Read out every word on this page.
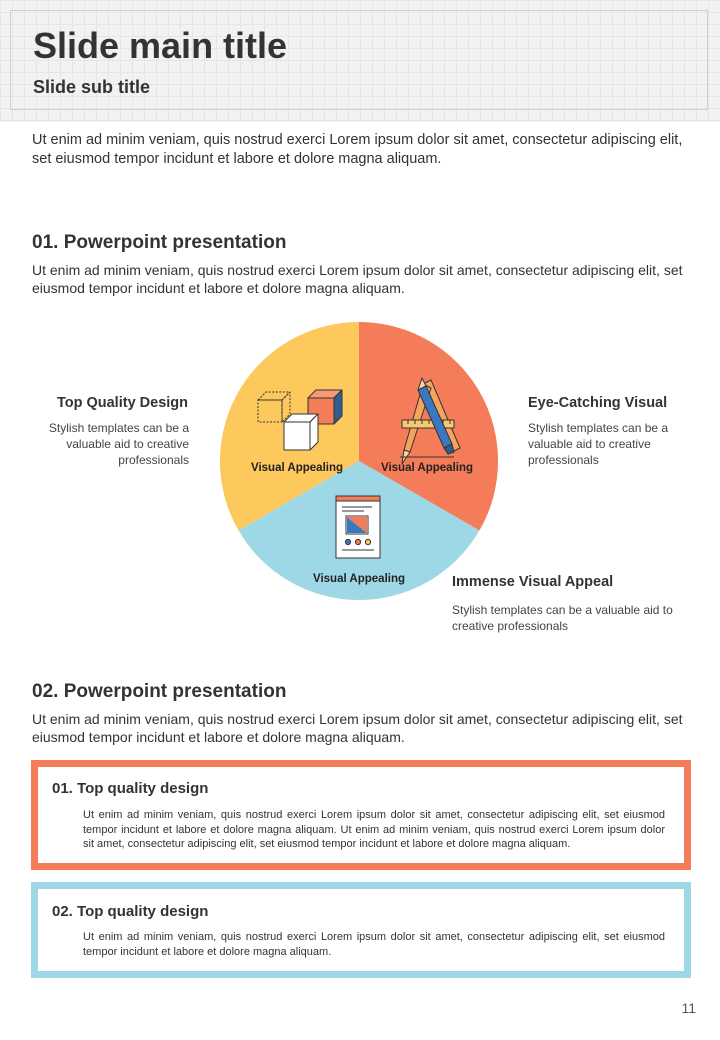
Slide main title
Slide sub title
Ut enim ad minim veniam, quis nostrud exerci Lorem ipsum dolor sit amet, consectetur adipiscing elit, set eiusmod tempor incidunt et labore et dolore magna aliquam.
01. Powerpoint presentation
Ut enim ad minim veniam, quis nostrud exerci Lorem ipsum dolor sit amet, consectetur adipiscing elit, set eiusmod tempor incidunt et labore et dolore magna aliquam.
Top Quality Design
Stylish templates can be a valuable aid to creative professionals
Eye-Catching Visual
Stylish templates can be a valuable aid to creative professionals
Immense Visual Appeal
Stylish templates can be a valuable aid to creative professionals
Visual Appealing	Visual Appealing
Visual Appealing
02. Powerpoint presentation
Ut enim ad minim veniam, quis nostrud exerci Lorem ipsum dolor sit amet, consectetur adipiscing elit, set eiusmod tempor incidunt et labore et dolore magna aliquam.
01. Top quality design
Ut enim ad minim veniam, quis nostrud exerci Lorem ipsum dolor sit amet, consectetur adipiscing elit, set eiusmod tempor incidunt et labore et dolore magna aliquam. Ut enim ad minim veniam, quis nostrud exerci Lorem ipsum dolor sit amet, consectetur adipiscing elit, set eiusmod tempor incidunt et labore et dolore magna aliquam.
02. Top quality design
Ut enim ad minim veniam, quis nostrud exerci Lorem ipsum dolor sit amet, consectetur adipiscing elit, set eiusmod tempor incidunt et labore et dolore magna aliquam.
11
